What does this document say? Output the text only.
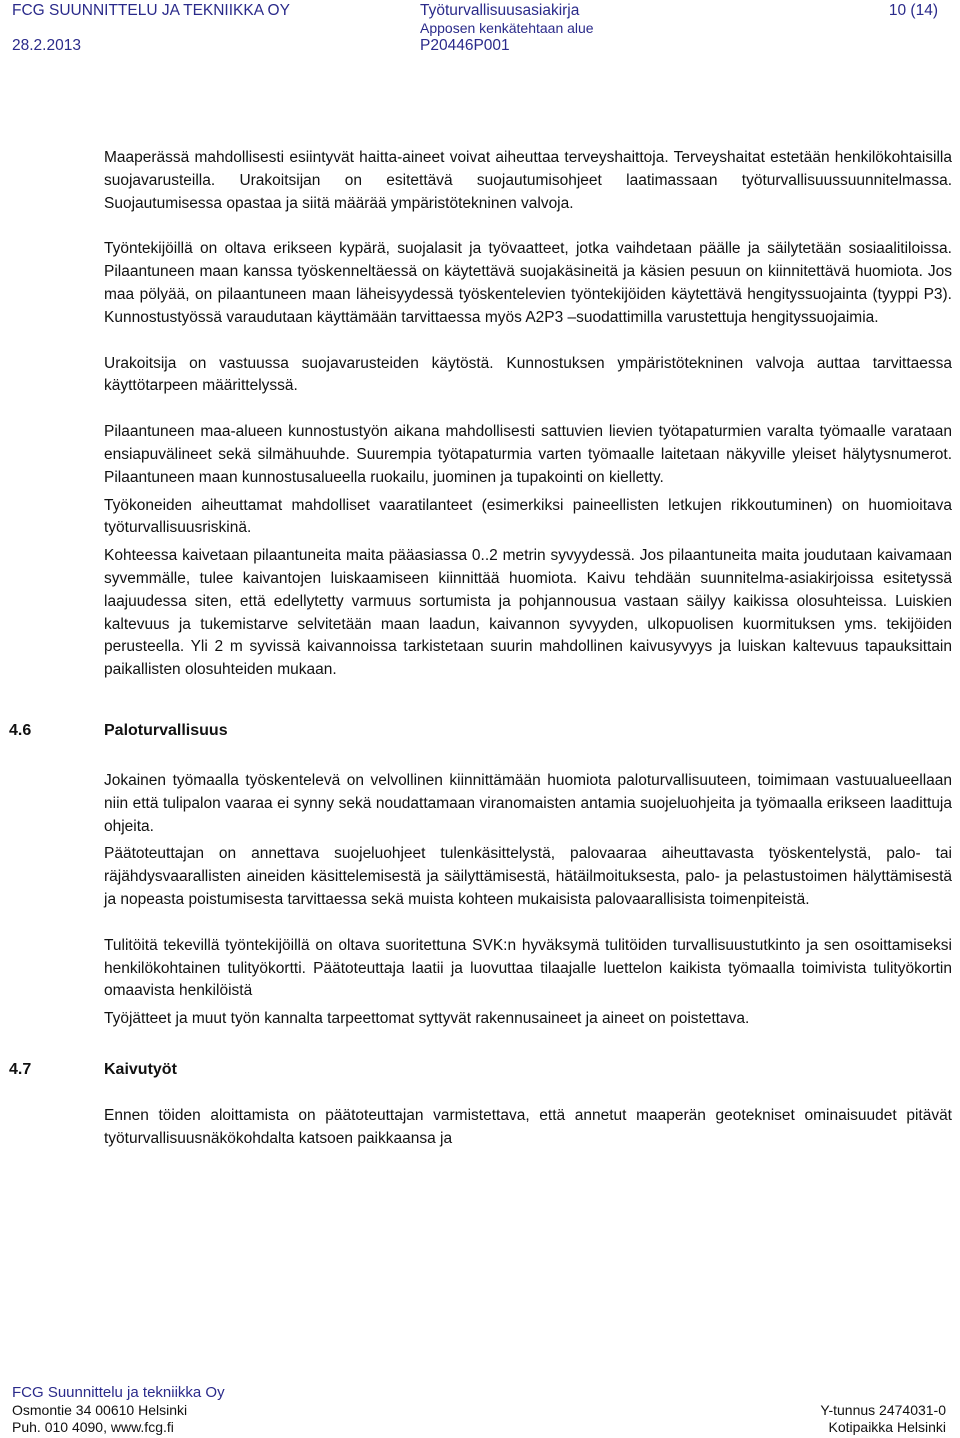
FCG SUUNNITTELU JA TEKNIIKKA OY
28.2.2013
Työturvallisuusasiakirja
Apposen kenkätehtaan alue
P20446P001
10 (14)

Maaperässä mahdollisesti esiintyvät haitta-aineet voivat aiheuttaa terveyshaittoja. Terveyshaitat estetään henkilökohtaisilla suojavarusteilla. Urakoitsijan on esitettävä suojautumisohjeet laatimassaan työturvallisuussuunnitelmassa. Suojautumisessa opastaa ja siitä määrää ympäristötekninen valvoja.

Työntekijöillä on oltava erikseen kypärä, suojalasit ja työvaatteet, jotka vaihdetaan päälle ja säilytetään sosiaalitiloissa. Pilaantuneen maan kanssa työskenneltäessä on käytettävä suojakäsineitä ja käsien pesuun on kiinnitettävä huomiota. Jos maa pölyää, on pilaantuneen maan läheisyydessä työskentelevien työntekijöiden käytettävä hengityssuojainta (tyyppi P3). Kunnostustyössä varaudutaan käyttämään tarvittaessa myös A2P3 –suodattimilla varustettuja hengityssuojaimia.

Urakoitsija on vastuussa suojavarusteiden käytöstä. Kunnostuksen ympäristötekninen valvoja auttaa tarvittaessa käyttötarpeen määrittelyssä.

Pilaantuneen maa-alueen kunnostustyön aikana mahdollisesti sattuvien lievien työtapaturmien varalta työmaalle varataan ensiapuvälineet sekä silmähuuhde. Suurempia työtapaturmia varten työmaalle laitetaan näkyville yleiset hälytysnumerot. Pilaantuneen maan kunnostusalueella ruokailu, juominen ja tupakointi on kielletty.

Työkoneiden aiheuttamat mahdolliset vaaratilanteet (esimerkiksi paineellisten letkujen rikkoutuminen) on huomioitava työturvallisuusriskinä.

Kohteessa kaivetaan pilaantuneita maita pääasiassa 0..2 metrin syvyydessä. Jos pilaantuneita maita joudutaan kaivamaan syvemmälle, tulee kaivantojen luiskaamiseen kiinnittää huomiota. Kaivu tehdään suunnitelma-asiakirjoissa esitetyssä laajuudessa siten, että edellytetty varmuus sortumista ja pohjannousua vastaan säilyy kaikissa olosuhteissa. Luiskien kaltevuus ja tukemistarve selvitetään maan laadun, kaivannon syvyyden, ulkopuolisen kuormituksen yms. tekijöiden perusteella. Yli 2 m syvissä kaivannoissa tarkistetaan suurin mahdollinen kaivusyvyys ja luiskan kaltevuus tapauksittain paikallisten olosuhteiden mukaan.

4.6	Paloturvallisuus

Jokainen työmaalla työskentelevä on velvollinen kiinnittämään huomiota paloturvallisuuteen, toimimaan vastuualueellaan niin että tulipalon vaaraa ei synny sekä noudattamaan viranomaisten antamia suojeluohjeita ja työmaalla erikseen laadittuja ohjeita.

Päätoteuttajan on annettava suojeluohjeet tulenkäsittelystä, palovaaraa aiheuttavasta työskentelystä, palo- tai räjähdysvaarallisten aineiden käsittelemisestä ja säilyttämisestä, hätäilmoituksesta, palo- ja pelastustoimen hälyttämisestä ja nopeasta poistumisesta tarvittaessa sekä muista kohteen mukaisista palovaarallisista toimenpiteistä.

Tulitöitä tekevillä työntekijöillä on oltava suoritettuna SVK:n hyväksymä tulitöiden turvallisuustutkinto ja sen osoittamiseksi henkilökohtainen tulityökortti. Päätoteuttaja laatii ja luovuttaa tilaajalle luettelon kaikista työmaalla toimivista tulityökortin omaavista henkilöistä

Työjätteet ja muut työn kannalta tarpeettomat syttyvät rakennusaineet ja aineet on poistettava.

4.7	Kaivutyöt

Ennen töiden aloittamista on päätoteuttajan varmistettava, että annetut maaperän geotekniset ominaisuudet pitävät työturvallisuusnäkökohdalta katsoen paikkaansa ja

FCG Suunnittelu ja tekniikka Oy
Osmontie 34 00610 Helsinki
Puh. 010 4090, www.fcg.fi
Y-tunnus 2474031-0
Kotipaikka Helsinki
